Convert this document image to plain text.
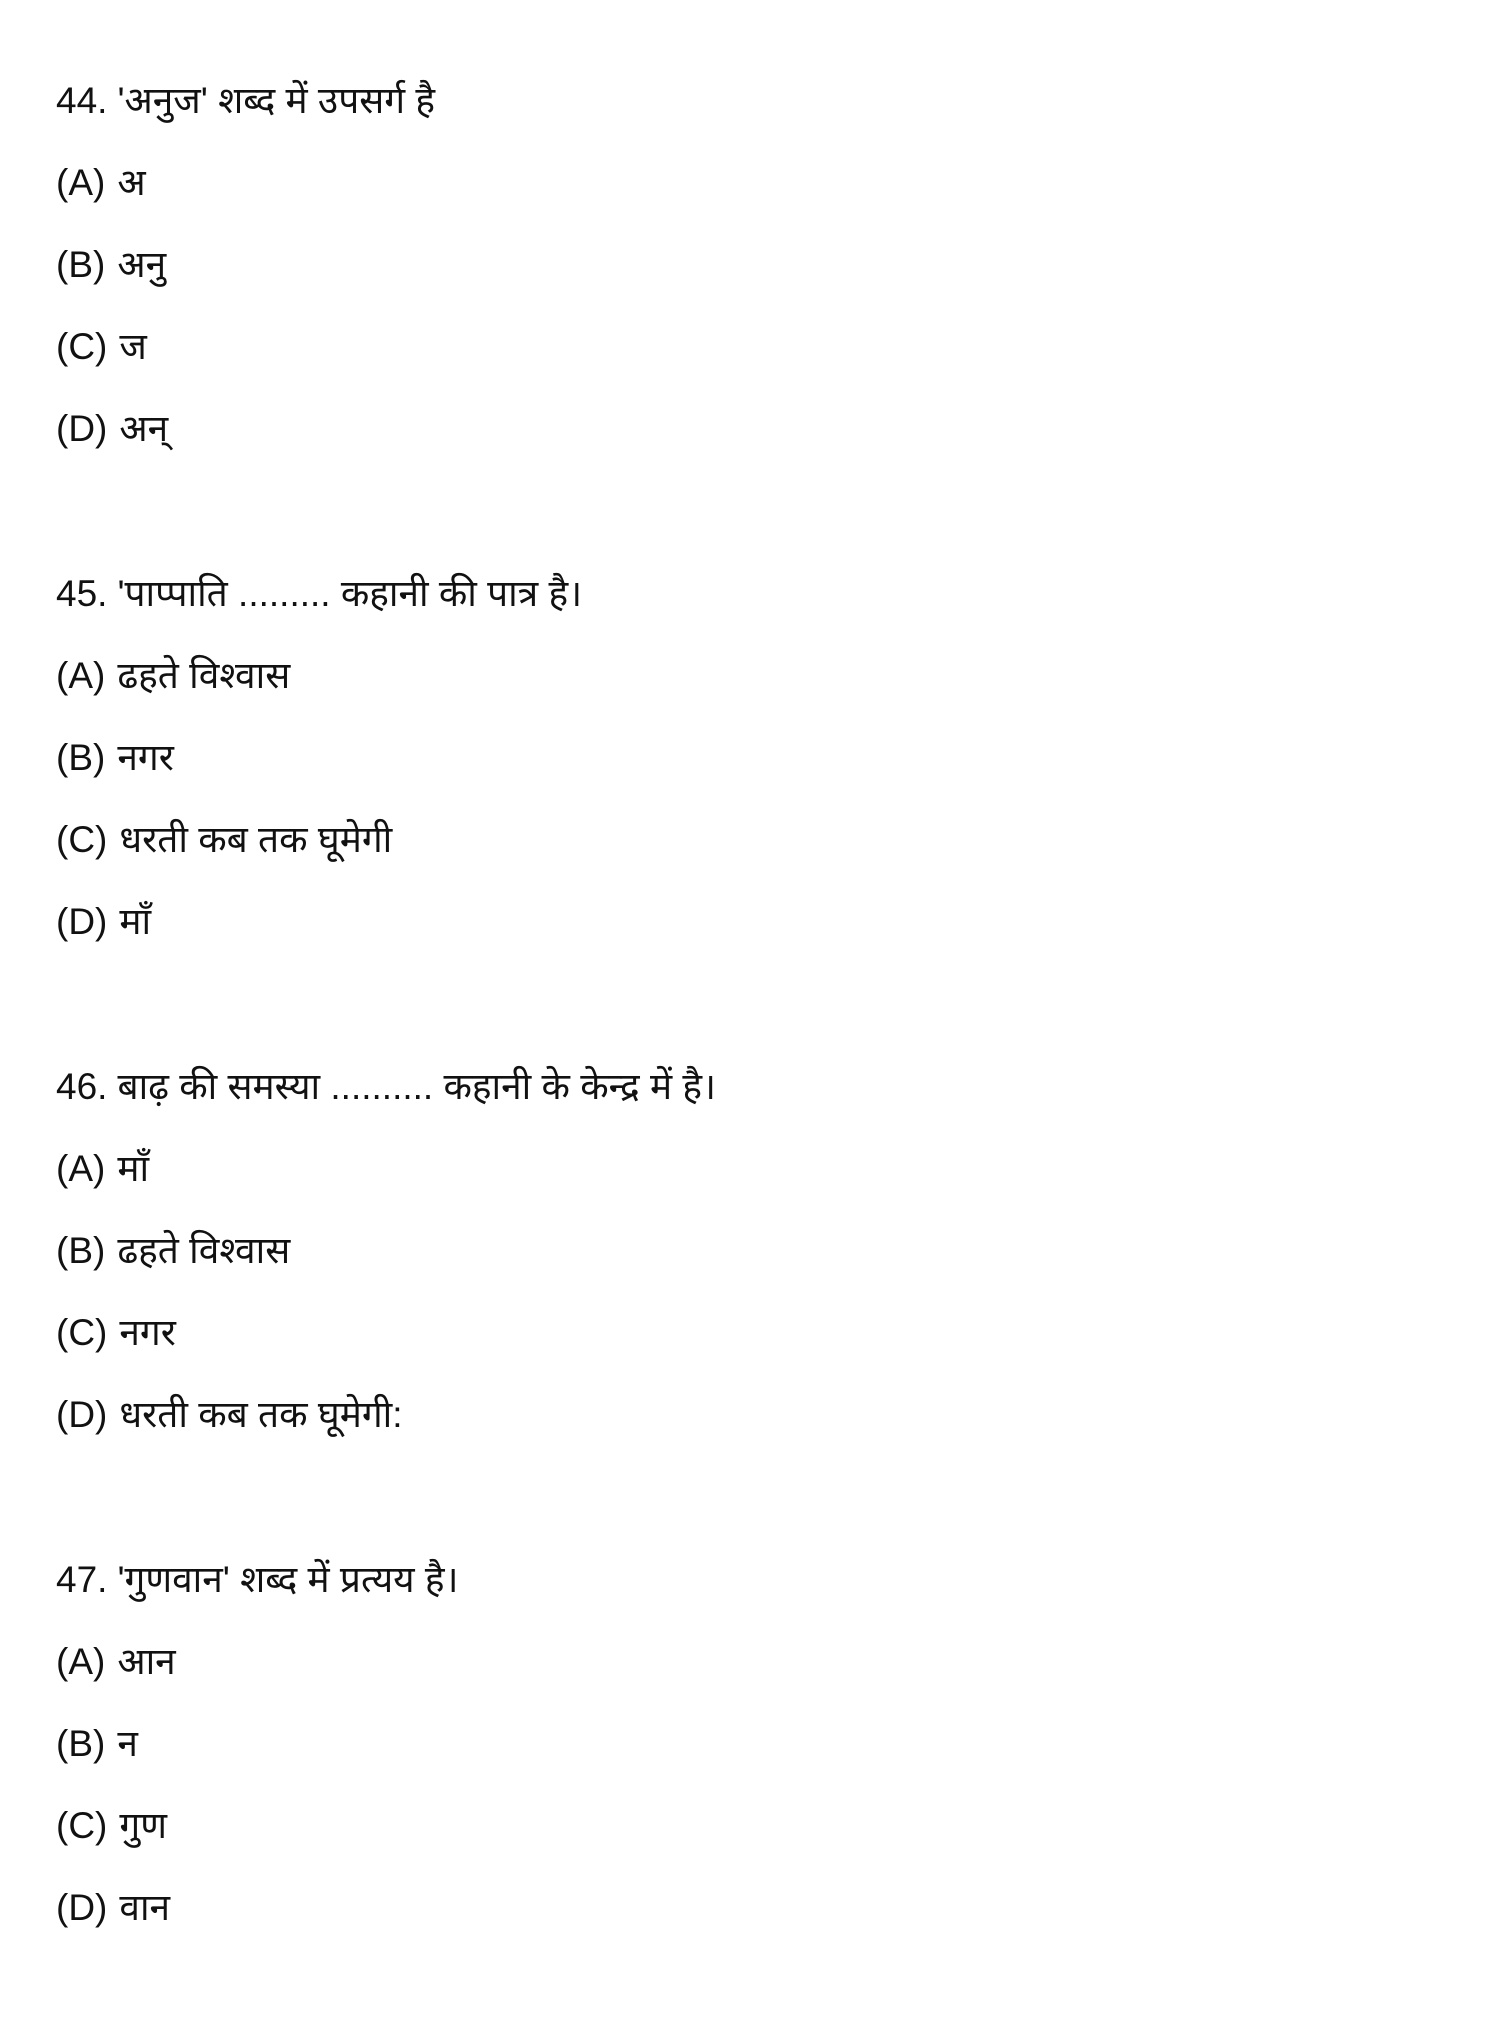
44. 'अनुज' शब्द में उपसर्ग है
(A) अ
(B) अनु
(C) ज
(D) अन्
45. 'पाप्पाति ......... कहानी की पात्र है।
(A) ढहते विश्वास
(B) नगर
(C) धरती कब तक घूमेगी
(D) माँ
46. बाढ़ की समस्या .......... कहानी के केन्द्र में है।
(A) माँ
(B) ढहते विश्वास
(C) नगर
(D) धरती कब तक घूमेगी:
47. 'गुणवान' शब्द में प्रत्यय है।
(A) आन
(B) न
(C) गुण
(D) वान
